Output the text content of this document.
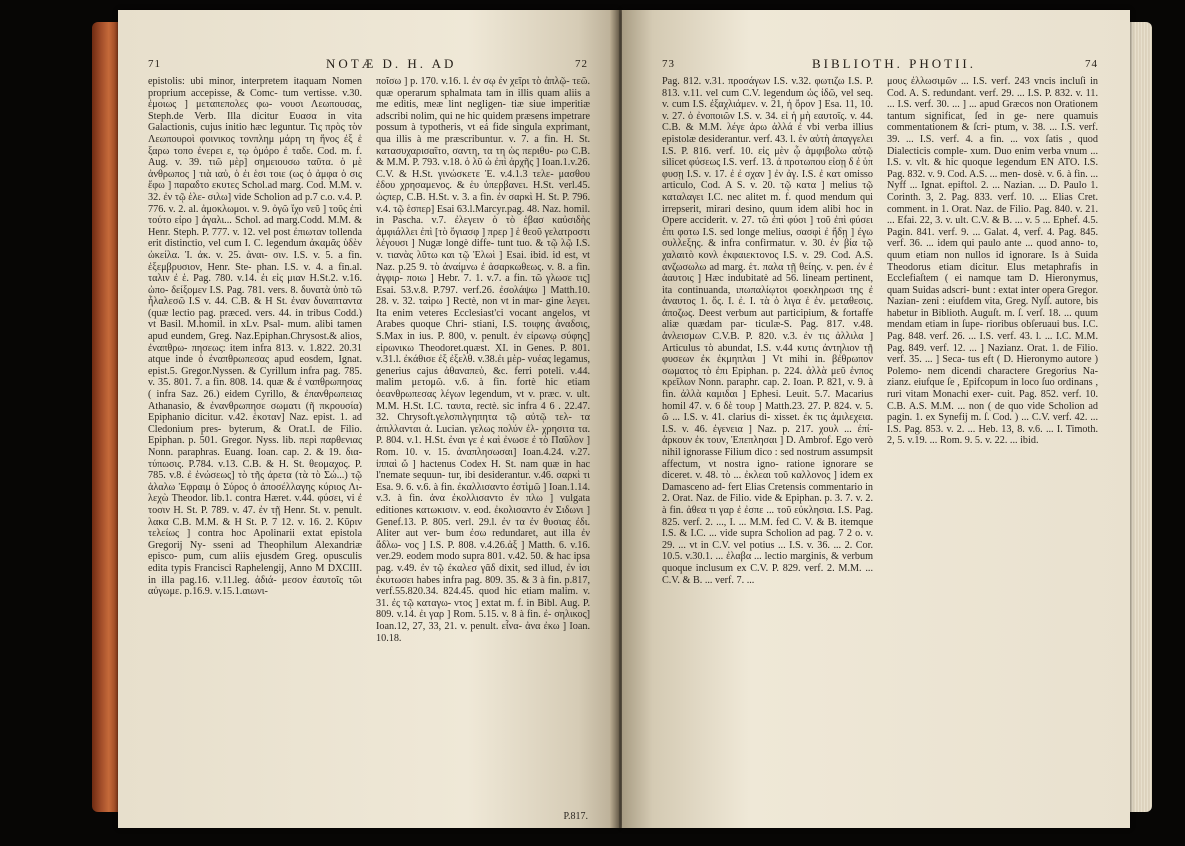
71	NOTÆ D. H. AD	72
epistolis: ubi minor, interpretem itaquam Nomen proprium accepisse, & Comc- tum vertisse. v.30. ἐμοιως ] μεταπεπολες φω- νουσι Λεωπουσας, Steph.de Verb. Illa dicitur Ευασα in vita Galactionis, cujus initio hæc leguntur. Τις πρὸς τὸν Λεωπουροὶ φοινικος τονπλημ μάρη τη ἥνος ἐξ ἑ ξαρω τοπο ἐνερει ε, τῳ ὁμόρο ἐ ταδε. Cod. m. f. Aug. v. 39. τιῶ μὲρ] σημειουσω ταῦτα. ὁ μὲ ἀνθρωπος ] τιὰ ιαὐ, ὁ ἐι ἑσι τοιε (ως ὁ ἀμφα ὁ σις ἔφω ] παραδτο εκυτες Schol.ad marg. Cod. M.M. v. 32. ἐν τῷ ἑλε- σιλω] vide Scholion ad p.7 c.o. v.4. P. 776. v. 2. al. ἀμοκλωμοι. v. 9. ὀγῶ ἴχο νεῦ ] τοῦς ἐπὶ τούτο εἰρο ] ἀγαλι... Schol. ad marg.Codd. M.M. & Henr. Steph. P. 777. v. 12. vel post ἐπιωταν tollenda erit distinctio, vel cum I. C. legendum ἀκαμᾶς ὑδὲν ὠκείλα. Ἰ. ἀκ. v. 25. ἀναι- σιν. I.S. v. 5. a fin. ἐξεμβρυσιον, Henr. Ste- phan. I.S. v. 4. a fin.al. ταλιν ἐ ἑ. Pag. 780. v.14. ἐι εἰς μιαν H.St.2. v.16. ὠπο- δείξομεν I.S. Pag. 781. vers. 8. δυνατὰ ὑπὸ τῶ ἦλαλεσῶ I.S v. 44. C.B. & H St. ἐναν δυναπταντα (quæ lectio pag. præced. vers. 44. in tribus Codd.) vt Basil. M.homil. in xLv. Psal- mum. alibi tamen apud eundem, Greg. Naz.Epiphan.Chrysost.& alios, ἐναπθρω- πησεως: item infra 813. v. 1.822. 20.31 atque inde ὁ ἐναπθρωπεσας apud eosdem, Ignat. epist.5. Gregor.Nyssen. & Cyrillum infra pag. 785. v. 35. 801. 7. a fin. 808. 14. quæ & ἐ ναπθρωπησας ( infra Saz. 26.) eidem Cyrillo, & ἐπανθρωπειας Athanasio, & ἐνανθρωπησε σωματι (ῆ πκρουσία) Epiphanio dicitur. v.42. ἑκοταν] Naz. epist. 1. ad Cledonium pres- byterum, & Orat.I. de Filio. Epiphan. p. 501. Gregor. Nyss. lib. περὶ παρθενιας Nonn. paraphras. Euang. Ioan. cap. 2. & 19. δια- τύπωσις. P.784. v.13. C.B. & H. St. θεομαχος. P. 785. v.8. ἐ ἑνώσεως] τὸ τῆς ἀρετα (τὰ τὸ Σώ...) τῷ ἀλαλω Ἐφραιμ ὁ Σύρος ὁ ἀποσέλλαγης κύριος Λι- λεχὼ Theodor. lib.1. contra Hæret. v.44. φύσει, vi ἐ τοσιν H. St. P. 789. v. 47. ἐν τῇ Henr. St. v. penult. λακα C.B. M.M. & H St. P. 7 12. v. 16. 2. Κῦριν τελείως ] contra hoc Apolinarii extat epistola Gregorij Ny- sseni ad Theophilum Alexandriæ episco- pum, cum aliis ejusdem Greg. opusculis edita typis Francisci Raphelengij, Anno M DXCIII. in illa pag.16. v.11.leg. ἀδιά- μεσον ἐαυτοῖς τῶι αὐγωμε. p.16.9. v.15.1.αιωνι-
ποῖσω ] p. 170. v.16. l. ἐν σῳ ἐν χεῖρι τὸ ἀπλῷ- τεῶ. quæ operarum sphalmata tam in illis quam aliis a me editis, meæ lint negligen- tiæ siue imperitiæ adscribi nolim, qui ne hic quidem præsens impetrare possum à typotheris, vt eá fide singula exprimant, qua illis à me præscribuntur. v. 7. a fin. H. St. κατασυχαρισαῖτο, σαντη, τα τη ὡς περιθυ- ρω C.B. & M.M. P. 793. v.18. ὁ λῦ ὠ ἐπὶ ἀρχῆς ] Ioan.1.v.26. C.V. & H.St. γινώσκετε Ἐ. v.4.1.3 τελε- μασθου ἐδου χρησαμενος. & ἑυ ὑπερβανει. H.St. verl.45. ὡςπερ, C.B. H.St. v. 3. a fin. ἐν σαρκὶ H. St. P. 796. v.4. τῷ ἑσπερ] Esai 63.l.Marcyr.pag. 48. Naz. homil. in Pascha. v.7. ἐλεγειν ὁ τὸ ἑβασ καὐσιδὴς ἀμφιάλλει ἐπὶ [τὸ ὄγιασφ ] πρερ ] ἑ θεοῦ γελατροστι λέγουσι ] Nugæ longè diffe- tunt tuo. & τῷ λῷ I.S. v. τιανὰς λῦτω και τῷ Ἐλωὶ ] Esai. ibid. id est, vt Naz. p.25 9. τὸ ἀναίμνω ἐ ἀσαρκωθεως. v. 8. a fin. ἀγφιρ- ποιω ] Hebr. 7. 1. v.7. a fin. τῶ γλωσε τις] Esai. 53.v.8. P.797. verf.26. ἐσολάψω ] Matth.10. 28. v. 32. ταὶρω ] Rectè, non vt in mar- gine λεγει. Ita enim veteres Ecclesiast'ci vocant angelos, vt Arabes quoque Chri- stiani, I.S. τοιφης ἀναδσις, S.Max in ius. P. 800, v. penult. ἐν εἰρωνῳ σύφης] εἰρωνικω Theodoret.quæst. XI. in Genes. P. 801. v.31.l. ἐκάθισε ἐξ ἐξελθ. v.38.ἐι μὲρ- νυέας legamus, generius cajus ἀθαναπεὐ, &c. ferri poteli. v.44. malim μετομῶ. v.6. à fin. fortè hic etiam ὀεανθρωπεσας λέγων legendum, vt v. præc. v. ult. M.M. H.St. I.C. ταυτα, rectè. sic infra 4 6 . 22.47. 32. Chrysoft.γελσπιλγηπητα τῷ αὐτῷ τελ- τα ἀπιλλανται ἀ. Lucian. γελως πολύν ἐλ- χρησιτα τα. P. 804. v.1. H.St. ἐναι γε ἐ καὶ ἐνωσε ἐ τὸ Παῦλον ] Rom. 10. v. 15. ἀναπλησωσαι] Ioan.4.24. v.27. ἱππαὶ ὤ ] hactenus Codex H. St. nam quæ in hac l'nemate sequun- tur, ibi desiderantur. v.46. σαρκὶ τι Esa. 9. 6. v.6. à fin. ἐκαλλισαντο ἐστὶμῶ ] Ioan.1.14. v.3. à fin. ἀνα ἐκολλισαντο ἐν πλω ] vulgata editiones κατωκισιν. v. eod. ἐκολισαντο ἐν Σιδωνι ] Genef.13. P. 805. verl. 29.l. ἐν τα ἐν θυσιας ἐδι. Aliter aut ver- bum ἐσω redundaret, aut illa ἐν ἄδλω- νος ] I.S. P. 808. v.4.26.ἀξ ] Matth. 6. v.16. ver.29. eodem modo supra 801. v.42. 50. & hac ipsa pag. v.49. ἐν τῷ ἐκαλεσ γᾶδ dixit, sed illud, ἐν ἱσι ἐκυτωσει habes infra pag. 809. 35. & 3 à fin. p.817, verf.55.820.34. 824.45. quod hic etiam malim. v. 31. ἐς τῷ καταγω- ντος ] extat m. f. in Bibl. Aug. P. 809. v.14. ἐι γαρ ] Rom. 5.15. v. 8 à fin. ἐ- σηλικος] Ioan.12, 27, 33, 21. v. penult. εἶνα- ἀνα ἐκω ] Ioan. 10.18.
P.817.
73	BIBLIOTH. PHOTII.	74
Pag. 812. v.31. προσάγων I.S. v.32. φωτιζω I.S. P. 813. v.11. vel cum C.V. legendum ὡς ἰδῶ, vel seq. v. cum I.S. ἐξαχλιάμεν. v. 21, ἡ ὄρον ] Esa. 11, 10. v. 27. ὁ ἐνοποιῶν I.S. v. 34. εἰ ἡ μὴ εαυτοῖς. v. 44. C.B. & M.M. λέγε ἀρω ἀλλά ἐ vbi verba illius epistolæ desiderantur. verf. 43. l. ἐν αὐτὴ ἀπαγγελει I.S. P. 816. verf. 10. εἰς μὲν ᾧ ἀμφιβολω αὐτῷ silicet φύσεως I.S. verf. 13. ἀ προτωπου εἰσῃ δ ἐ ὑπ φυσῃ I.S. v. 17. ἐ ἐ σχαν ] ἐν ἀγ. I.S. ἐ κατ omisso articulo, Cod. A S. v. 20. τῷ κατα ] melius τῷ καταλαγει I.C. nec alitet m. f. quod mendum qui irrepserit, mirari desino, quum idem alibi hoc in Opere acciderit. v. 27. τῶ ἐπὶ φύσι ] τοῦ ἐπὶ φύσει ἐπι φοτω I.S. sed longe melius, σασφὶ ἐ ἤδῃ ] ἐγω συλλεξης. & infra confirmatur. v. 30. ἐν βία τῷ χαλαιτὸ κονλ ἑκφαιεκτονος I.S. v. 29. Cod. A.S. ανζωσωλω ad marg. ἑτ. παλα τῇ θείης. v. pen. ἐν ἐ ἀαυτοις ] Hæc indubitatè ad 56. lineam pertinent, ita continuanda, ιπωπαλίῳτοι φοεκληρωσι της ἐ ἀναυτος 1. ὅς. I. ἐ. I. τὰ ὁ λιγα ἐ ἐν. μεταθεσις. ἀποζως. Deest verbum aut participium, & fortaffe aliæ quædam par- ticulæ-S. Pag. 817. v.48. ἀνλεισμων C.V.B. P. 820. v.3. ἐν τις ἀλλιλα ] Articulus τὸ abundat, I.S. v.44 κυτις ἀντηλιον τῇ φυσεων ἐκ ἐκμηπλαι ] Vt mihi in. βἐθρωπον σωματος τὸ ἐπι Epiphan. p. 224. ἀλλὰ μεῦ ἑνπος κρεῖλων Nonn. paraphr. cap. 2. Ioan. P. 821, v. 9. à fin. ἀλλὰ καμιδαι ] Ephesi. Leuit. 5.7. Macarius homil 47. v. 6 δὲ τουρ ] Matth.23. 27. P. 824. v. 5. ῶ ... I.S. v. 41. clarius di- xisset. ἐκ τις ἀμιλεχεια. I.S. v. 46. ἐγενεια ] Naz. p. 217. χουλ ... ἐπί- ἀρκουν ἐκ τουν, Ἐπεπλησαι ] D. Ambrof. Ego verò nihil ignorasse Filium dico : sed nostrum assumpsit affectum, vt nostra igno- ratione ignorare se diceret. v. 48. τὸ ... ἐκλεαι τοῦ καλλονος ] idem ex Damasceno ad- fert Elias Cretensis commentario in 2. Orat. Naz. de Filio. vide & Epiphan. p. 3. 7. v. 2. à fin. ἀθεα τι γαρ ἐ ἐσπε ... τοῦ εὐκλησια. I.S. Pag. 825. verf. 2. ..., I. ... M.M. fed C. V. & B. itemque I.S. & I.C. ... vide supra Scholion ad pag. 7 2 o. v. 29. ... vt in C.V. vel potius ... I.S. v. 36. ... 2. Cor. 10.5. v.30.1. ... ἐλαβα ... lectio marginis, & verbum quoque inclusum ex C.V. P. 829. verf. 2. M.M. ... C.V. & B. ... verf. 7. ...
μους ἐλλωσιμῶν ... I.S. verf. 243 vncis incluſi in Cod. A. S. redundant. verf. 29. ... I.S. P. 832. v. 11. ... I.S. verf. 30. ... ] ... apud Græcos non Orationem tantum significat, ſed in ge- nere quamuis commentationem & ſcri- ptum, v. 38. ... I.S. verf. 39. ... I.S. verf. 4. a fin. ... vox ſatis , quod Dialecticis comple- xum. Duo enim verba vnum ... I.S. v. vlt. & hic quoque legendum ΕΝ ΑΤΟ. I.S. Pag. 832. v. 9. Cod. A.S. ... men- dosè. v. 6. à fin. ... Nyff ... Ignat. epiftol. 2. ... Nazian. ... D. Paulo 1. Corinth. 3, 2. Pag. 833. verf. 10. ... Elias Cret. comment. in 1. Orat. Naz. de Filio. Pag. 840. v. 21. ... Efai. 22, 3. v. ult. C.V. & B. ... v. 5 ... Ephef. 4.5. Pagin. 841. verf. 9. ... Galat. 4, verf. 4. Pag. 845. verf. 36. ... idem qui paulo ante ... quod anno- to, quum etiam non nullos id ignorare. Is à Suida Theodorus etiam dicitur. Elus metaphrafis in Ecclefiaſtem ( ei namque tam D. Hieronymus, quam Suidas adscri- bunt : extat inter opera Gregor. Nazian- zeni : eiufdem vita, Greg. Nyſſ. autore, bis habetur in Biblioth. Auguſt. m. ſ. verſ. 18. ... quum mendam etiam in ſupe- rioribus obſeruaui bus. I.C. Pag. 848. verf. 26. ... I.S. verf. 43. l. ... I.C. M.M. Pag. 849. verf. 12. ... ] Nazianz. Orat. 1. de Filio. verf. 35. ... ] Seca- tus eft ( D. Hieronymo autore ) Polemo- nem dicendi charactere Gregorius Na- zianz. eiufque ſe , Epifcopum in loco ſuo ordinans , ruri vitam Monachi exer- cuit. Pag. 852. verf. 10. C.B. A.S. M.M. ... non ( de quo vide Scholion ad pagin. 1. ex Synefij m. ſ. Cod. ) ... C.V. verf. 42. ... I.S. Pag. 853. v. 2. ... Heb. 13, 8. v.6. ... I. Timoth. 2, 5. v.19. ... Rom. 9. 5. v. 22. ... ibid.
